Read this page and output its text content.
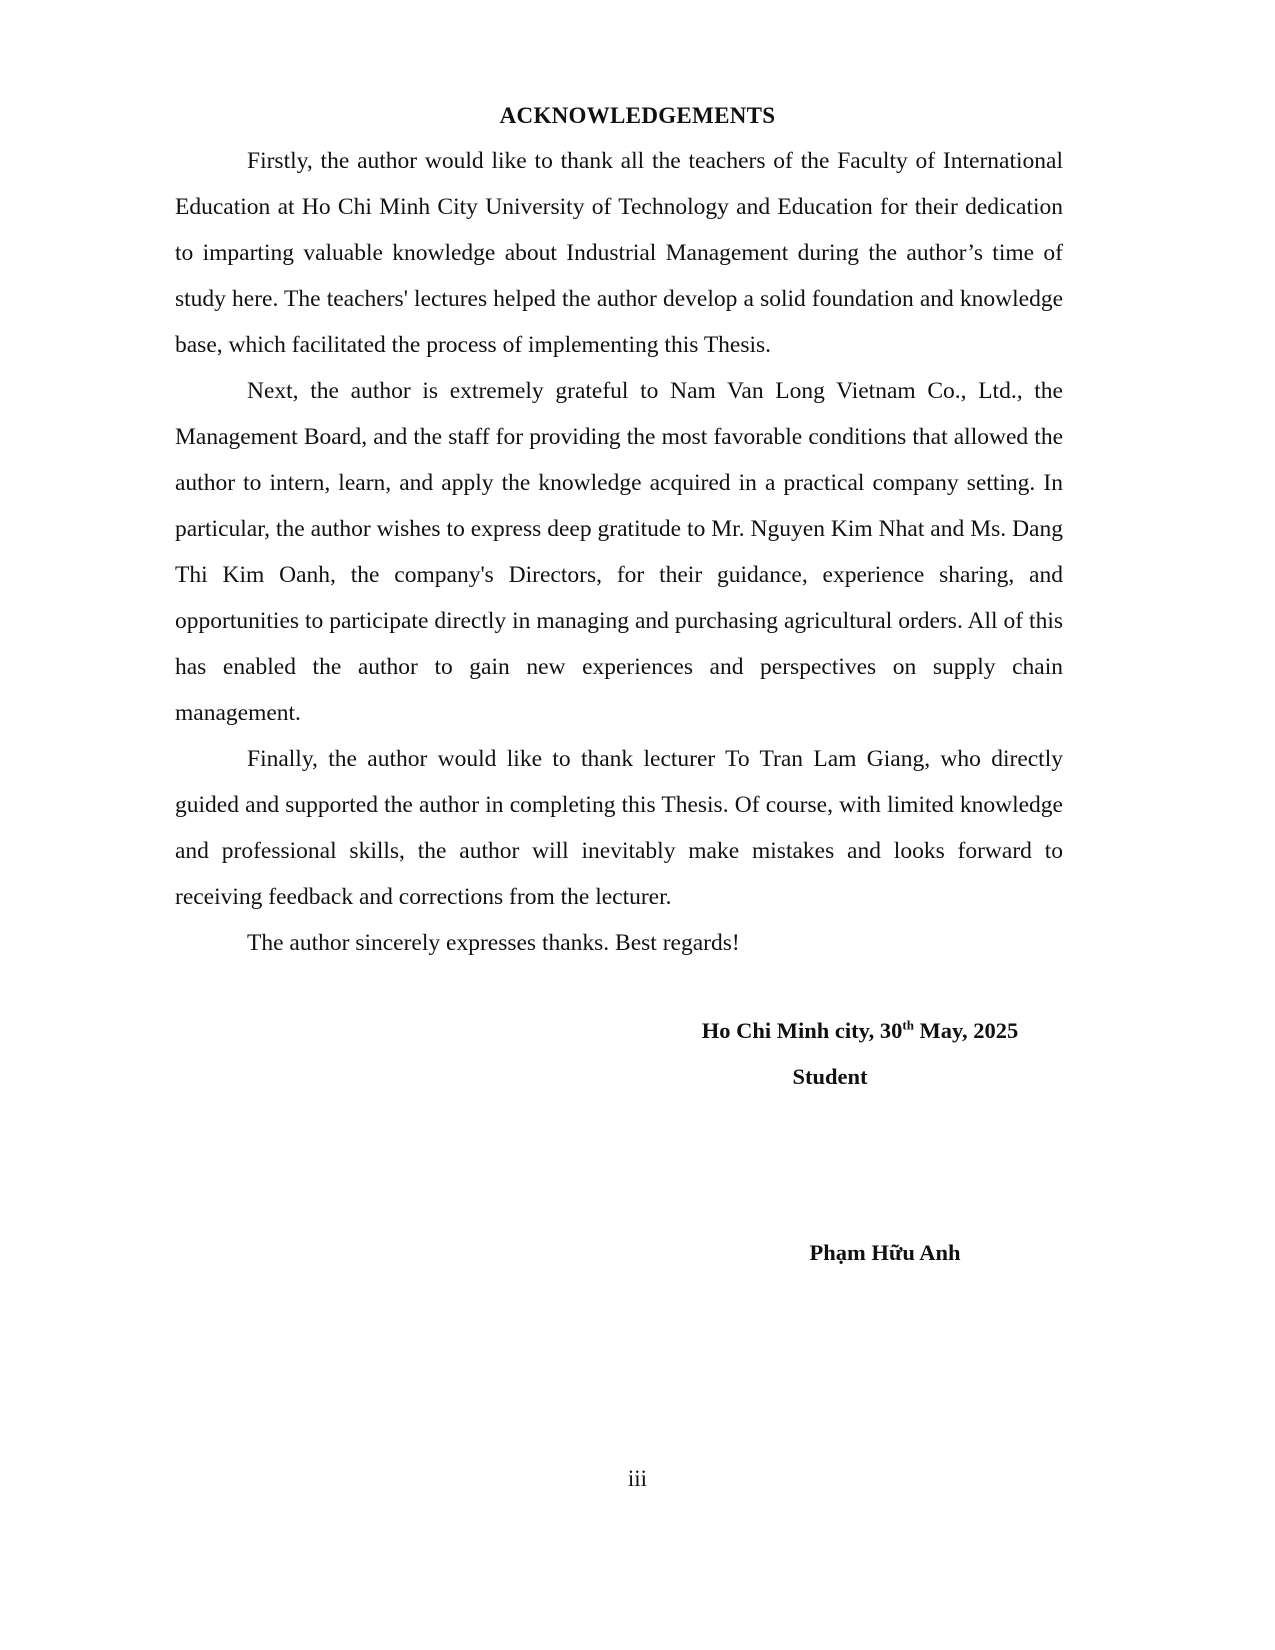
ACKNOWLEDGEMENTS

Firstly, the author would like to thank all the teachers of the Faculty of International Education at Ho Chi Minh City University of Technology and Education for their dedication to imparting valuable knowledge about Industrial Management during the author’s time of study here. The teachers' lectures helped the author develop a solid foundation and knowledge base, which facilitated the process of implementing this Thesis.

Next, the author is extremely grateful to Nam Van Long Vietnam Co., Ltd., the Management Board, and the staff for providing the most favorable conditions that allowed the author to intern, learn, and apply the knowledge acquired in a practical company setting. In particular, the author wishes to express deep gratitude to Mr. Nguyen Kim Nhat and Ms. Dang Thi Kim Oanh, the company's Directors, for their guidance, experience sharing, and opportunities to participate directly in managing and purchasing agricultural orders. All of this has enabled the author to gain new experiences and perspectives on supply chain management.

Finally, the author would like to thank lecturer To Tran Lam Giang, who directly guided and supported the author in completing this Thesis. Of course, with limited knowledge and professional skills, the author will inevitably make mistakes and looks forward to receiving feedback and corrections from the lecturer.

The author sincerely expresses thanks. Best regards!

Ho Chi Minh city, 30th May, 2025
Student
Phạm Hữu Anh
iii
